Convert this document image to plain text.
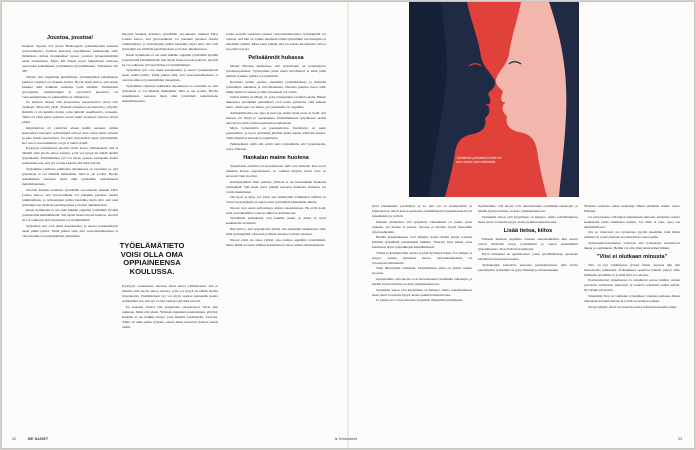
Joustoa, joustoa!

Elokuun lopussa Yle kertoi Heubergerin työntekijöiden karuista työolosuhteista. Uutisen kertoivat laajemmassa keskustelun siitä, millaisissa oloissa monikaatiset nuoret joutuvat työskentelemään usein aloittamaan. Myös Me Naiset pyysi lukijoiltaan verkossa nuoruuden kokemuksia työelämästä hyvyttämiseksi. Vastauksia tuli 387.

Selvisi, että ongelmien kuuleminen, työntekijöiden jaksamiseen kuuluva väsymys on liiankin yleistä. Hyvin usein kertoa, että ennen kaikkea niitä kaikkein raskainta työtä tehdään. Esimerkiksi työsopimus, toimintaohjeet ja vuorolistat puuttuvat, tai vuorosuunnittelua on puutteellista ja vaihtelevaa.

En kokenut tienavi että perjantaina aurausvuorot olivat niin rankkoja. Minä olin yksin. Yhteistä ohjauksen puuttuminen, ylityötä. Kaikilla ei ole kaikkia tietoja, joita häneltä vaadittaisiin, toisaalta. Tämä oli ehkä pahin työjakso ennen ikäni tuottavan työuran tiensä pitkät.

Käytöstainne oli yksitoista ollaan kaikki vaanaat, vaikka kokemukset kuumana työntekijänä mennyt kuin olivat kaksi minulta ja alan tämän kuuntelijan. Jos jokin järjestelmä ohjaa työntekijöitä, kun osa ei saa asiakkaita, voi ja ei oikein tehdä.

Kyselyyn vastanneista nuorista moni kertoi yllättäneensä, että ei hänellä ollut puolta tietoa asioista, joita voi kysyä tai nähdä uusilla työpaikoilla. Ensimmäinen työ voi myös opettaa kantapään kautta esimerkiksi sen, että työ ei aina tarkoita sitä mitä toivoisi.

Työpaikkaa vanhassa esimiehen ohjauksessa on toteutettu se, että työnantaja ei voi lähettää minnekään, mitä ei ole sovittu. Hyvän kokemuksen saatuaan moni näki työelämän uudenlaisena mahdollisuutena.

Nuorten kuumaa kohtelua työelämän osa-alueella tutkinut Pälvi Laakso kertoo, että työolosuhteita voi jokainen parantaa omalla toiminnallaan, ja työnantajien pitäisi huolehtia myös siitä, että uusi työntekijä saa riittävän perehdytyksen ja tiedon oikeuksistaan.

Kuusi kymmentä ei ole enää mikään ongelma työelämän hyvällä ja kestävällä kehittämisellä. Sen sijaan monet nuoret kokevat, etteivät he voi vaikuttaa työvuoroihinsa tai työmääräänsä.

Työpaikan työt ovat usein kasautuneita, ja nuoret työskentelevät usein pitkiä päiviä. Tämä johtuu siitä, että vuorosuunnittelussa ei oteta huomioon työntekijöiden jaksamista.

Nuorten kuumaa kohtelua työelämän osa-alueella tutkinut Pälvi Laakso kertoo, että työolosuhteita voi jokainen parantaa omalla toiminnallaan, ja työnantajien pitäisi huolehtia myös siitä, että uusi työntekijä saa riittävän perehdytyksen ja tiedon oikeuksistaan.

Kuusi kymmentä ei ole enää mikään ongelma työelämän hyvällä ja kestävällä kehittämisellä. Sen sijaan monet nuoret kokevat, etteivät he voi vaikuttaa työvuoroihinsa tai työmääräänsä.

Työpaikan työt ovat usein kasautuneita, ja nuoret työskentelevät usein pitkiä päiviä. Tämä johtuu siitä, että vuorosuunnittelussa ei oteta huomioon työntekijöiden jaksamista.

Työpaikkaa vanhassa esimiehen ohjauksessa on toteutettu se, että työnantaja ei voi lähettää minnekään, mitä ei ole sovittu. Hyvän kokemuksen saatuaan moni näki työelämän uudenlaisena mahdollisuutena.

TYÖELÄMÄTIETO VOISI OLLA OMA OPPIAINEENSA KOULUSSA.

Kyselyyn vastanneista nuorista moni kertoi yllättäneensä, että ei hänellä ollut puolta tietoa asioista, joita voi kysyä tai nähdä uusilla työpaikoilla. Ensimmäinen työ voi myös opettaa kantapään kautta esimerkiksi sen, että työ ei aina tarkoita sitä mitä toivoisi.

En kokenut tienavi että perjantaina aurausvuorot olivat niin rankkoja. Minä olin yksin. Yhteistä ohjauksen puuttuminen, ylityötä. Kaikilla ei ole kaikkia tietoja, joita häneltä vaadittaisiin, toisaalta. Tämä oli ehkä pahin työjakso ennen ikäni tuottavan työuran tiensä pitkät.

Usein nuorilla vaaditaan joustoa vuorosuunnittelussa: työntekijältä voi odottaa, että hän on valmis tulemaan töihin lyhyelläkin varoitusajalla ja tekemään ylitöitä. Moni nuori pelkää, että jos asiasta huomauttaa, hän ei saa enää vuoroja.

Pelisäännöt hukassa

Marjut Pihonen muistuttaa, että työnantajan on noudatettava työehtosopimusta. Työsopimus pitää tehdä kirjallisesti ja siinä pitää mainita työaika, palkka ja työtehtävät.

Koulussa pitäisi opettaa enemmän työelämätaitoja ja käsitellä työntekijän oikeuksia ja velvollisuuksia. Nuorilta puuttuu tietoa siitä, mihin heillä on oikeus ja mitä työnantaja voi vaatia.

Samaa mieltä on Minja, 21, joka työskentelee ravintola-alalla. Hänen mukaansa työelämän pelisäännöt ovat usein epäselviä, eikä kukaan kerro, mistä apua voi hakea, jos työpaikalla on ongelmia.

Ammattiliitoista saa apua ja neuvoja, mutta moni nuori ei tiedä, että liittoon voi liittyä jo opiskelijana. Ensimmäisessä työpaikassa pitäisi aina kysyä, mitä työehtosopimusta noudatetaan.

Myös työnantajilla on parannettavaa. Perehdytys on usein puutteellista, ja nuori työntekijä jätetään yksin uusien tehtävien kanssa. Tämä aiheuttaa stressiä ja uupumusta.

Pelimerkkien pitää olla selvät sekä työntekijälle että työnantajalle, sanoo Pihonen.

Hankalan maine huolena

Työpaikalla asialliset ja kunnioittavat välit ovat tärkeitä. Kun nuori uskaltaa kertoa ongelmistaan, ne voidaan korjata ennen kuin ne kasvavat liian suuriksi.

Kieltäytyminen liian suurista ylitöistä ei tee kenestäkään hankalaa työntekijää. Silti moni nuori pelkää saavansa hankalan maineen, jos vaatii oikeuksiaan.

Ole hyvä ja kysy, jos jokin asia mietityttää. Esimiehen tehtävä on vastata kysymyksiin ja auttaa uutta työntekijää pääsemään alkuun.

Nuoret ovat usein epävarmoja omista oikeuksistaan. He eivät tiedä, mitä on kohtuullista vaatia ja mikä on kohtuutonta.

Työelämän pelisäännöt ovat kaikille samat, ja niistä on hyvä keskustella avoimesti.

Hän kertoo, että työpaikoilla pitäisi olla enemmän keskustelua siitä, mitä työntekijältä odotetaan ja miten asioista sovitaan yhdessä.

Nuoret eivät ole ainoa ryhmä, joka kohtaa ongelmia työelämässä, mutta heillä on usein vähiten kokemusta ja tietoa niiden ratkaisemiseen.

Työelämän pelisäännöt eivät ole aina naisten työmarkkinoilla.

hyvä yhteishenki, perehdytys ja se, että työ on monipuolista ja kiinnostavaa. Moni kertoi saaneensa ensimmäisestä työpaikastaan hyviä kokemuksia ja ystäviä.

Pihonen muistuttaa, että työpaikan vaihtaminen on joskus paras ratkaisu, jos tilanne ei parane. Nuoren ei tarvitse tyytyä huonoihin työolosuhteisiin.

Heidän kokemuksensa ovat tärkeitä, koska niiden kautta voidaan kehittää työelämää paremmaksi kaikille. Nuorten ääni pitäisi ottaa huomioon myös työpaikkojen kehittämisessä.

Vääriä ja kohtuuttomia asioita ei pidä hyväksyä hiljaa. Jos esimies ei reagoi, asiasta kannattaa kertoa luottamusmiehelle tai työsuojeluvaltuutetulle.

Siten lähestytään esimiehiä. Ensimmäinen askel on puhua asiasta suoraan.

Ajattelemme, että nuoret ovat tulevaisuuden työelämän rakentajia, ja heidän hyvinvointinsa on koko yhteiskunnan etu.

Saatamme sanoa, että kysyminen on helppoa, mutta todellisuudessa moni nuori ei uskalla kysyä, koska pelkää leimautuvansa.

Jo pienet teot voivat muuttaa työpaikan ilmapiiriä paremmaksi.

Ajattelemme, että nuoret ovat tulevaisuuden työelämän rakentajia, ja heidän hyvinvointinsa on koko yhteiskunnan etu.

Saatamme sanoa, että kysyminen on helppoa, mutta todellisuudessa moni nuori ei uskalla kysyä, koska pelkää leimautuvansa.

Lisää tietoa, kiitos

Pihonen mukaan ongelmia voidaan ennaltaehkäistä, kun nuoret saavat riittävästi tietoa työelämästä jo ennen ensimmäistä työpaikkaansa. Tieto lisää itsevarmuutta.

Hyvä esimerkki on oppilaitokset, joissa työelämätaitoja opetetaan käytännön harjoitusten kautta.

Työnantajien kannattaa panostaa perehdytykseen, sillä hyvin perehdytetty työntekijä on tyytyväisempi ja sitoutuneempi.

Yhdessä sovitusta onkin helpompi lähteä pitämään kiinni, sanoo Pihonen.

Jos nuori kokee, että hänen oikeuksiaan rikotaan, kannattaa asiasta keskustella ensin esimiehen kanssa. Jos tämä ei auta, apua saa ammattiliitosta.

Ota se vakavasti, jos työnantaja pyytää tekemään töitä ilman palkkaa tai vaatii olemaan tavoitettavissa vapaa-ajalla.

Työsuojeluviranomaiset valvovat, että työnantajat noudattavat lakeja ja sopimuksia. Heihin voi olla yhteydessä nimettömästi.

"Viisi ei olutkaan minusta"

Taru on nyt vakituisessa työssä, mutta nuorena hän teki monenlaisia pätkätöitä. Kokemukset opettivat hänelle paljon siitä, millainen työelämä on ja mitä siltä voi odottaa.

Ensimmäisessä työpaikassa en uskaltanut sanoa mitään, vaikka työvuorot vaihtelivat jatkuvasti ja jouduin tekemään pitkiä päiviä. Nyt tiedän paremmin.

Sittemmin Taru on vaihtanut työpaikkaa. Uudessa paikassa hänen oikeuksiaan kunnioitetaan ja työstä saa kunnon palkan.

Taruja Minjan nimet on muutettu asian arkaluontoisuuden takia.

32	ME NAISET	is.fi/menaiset	33
